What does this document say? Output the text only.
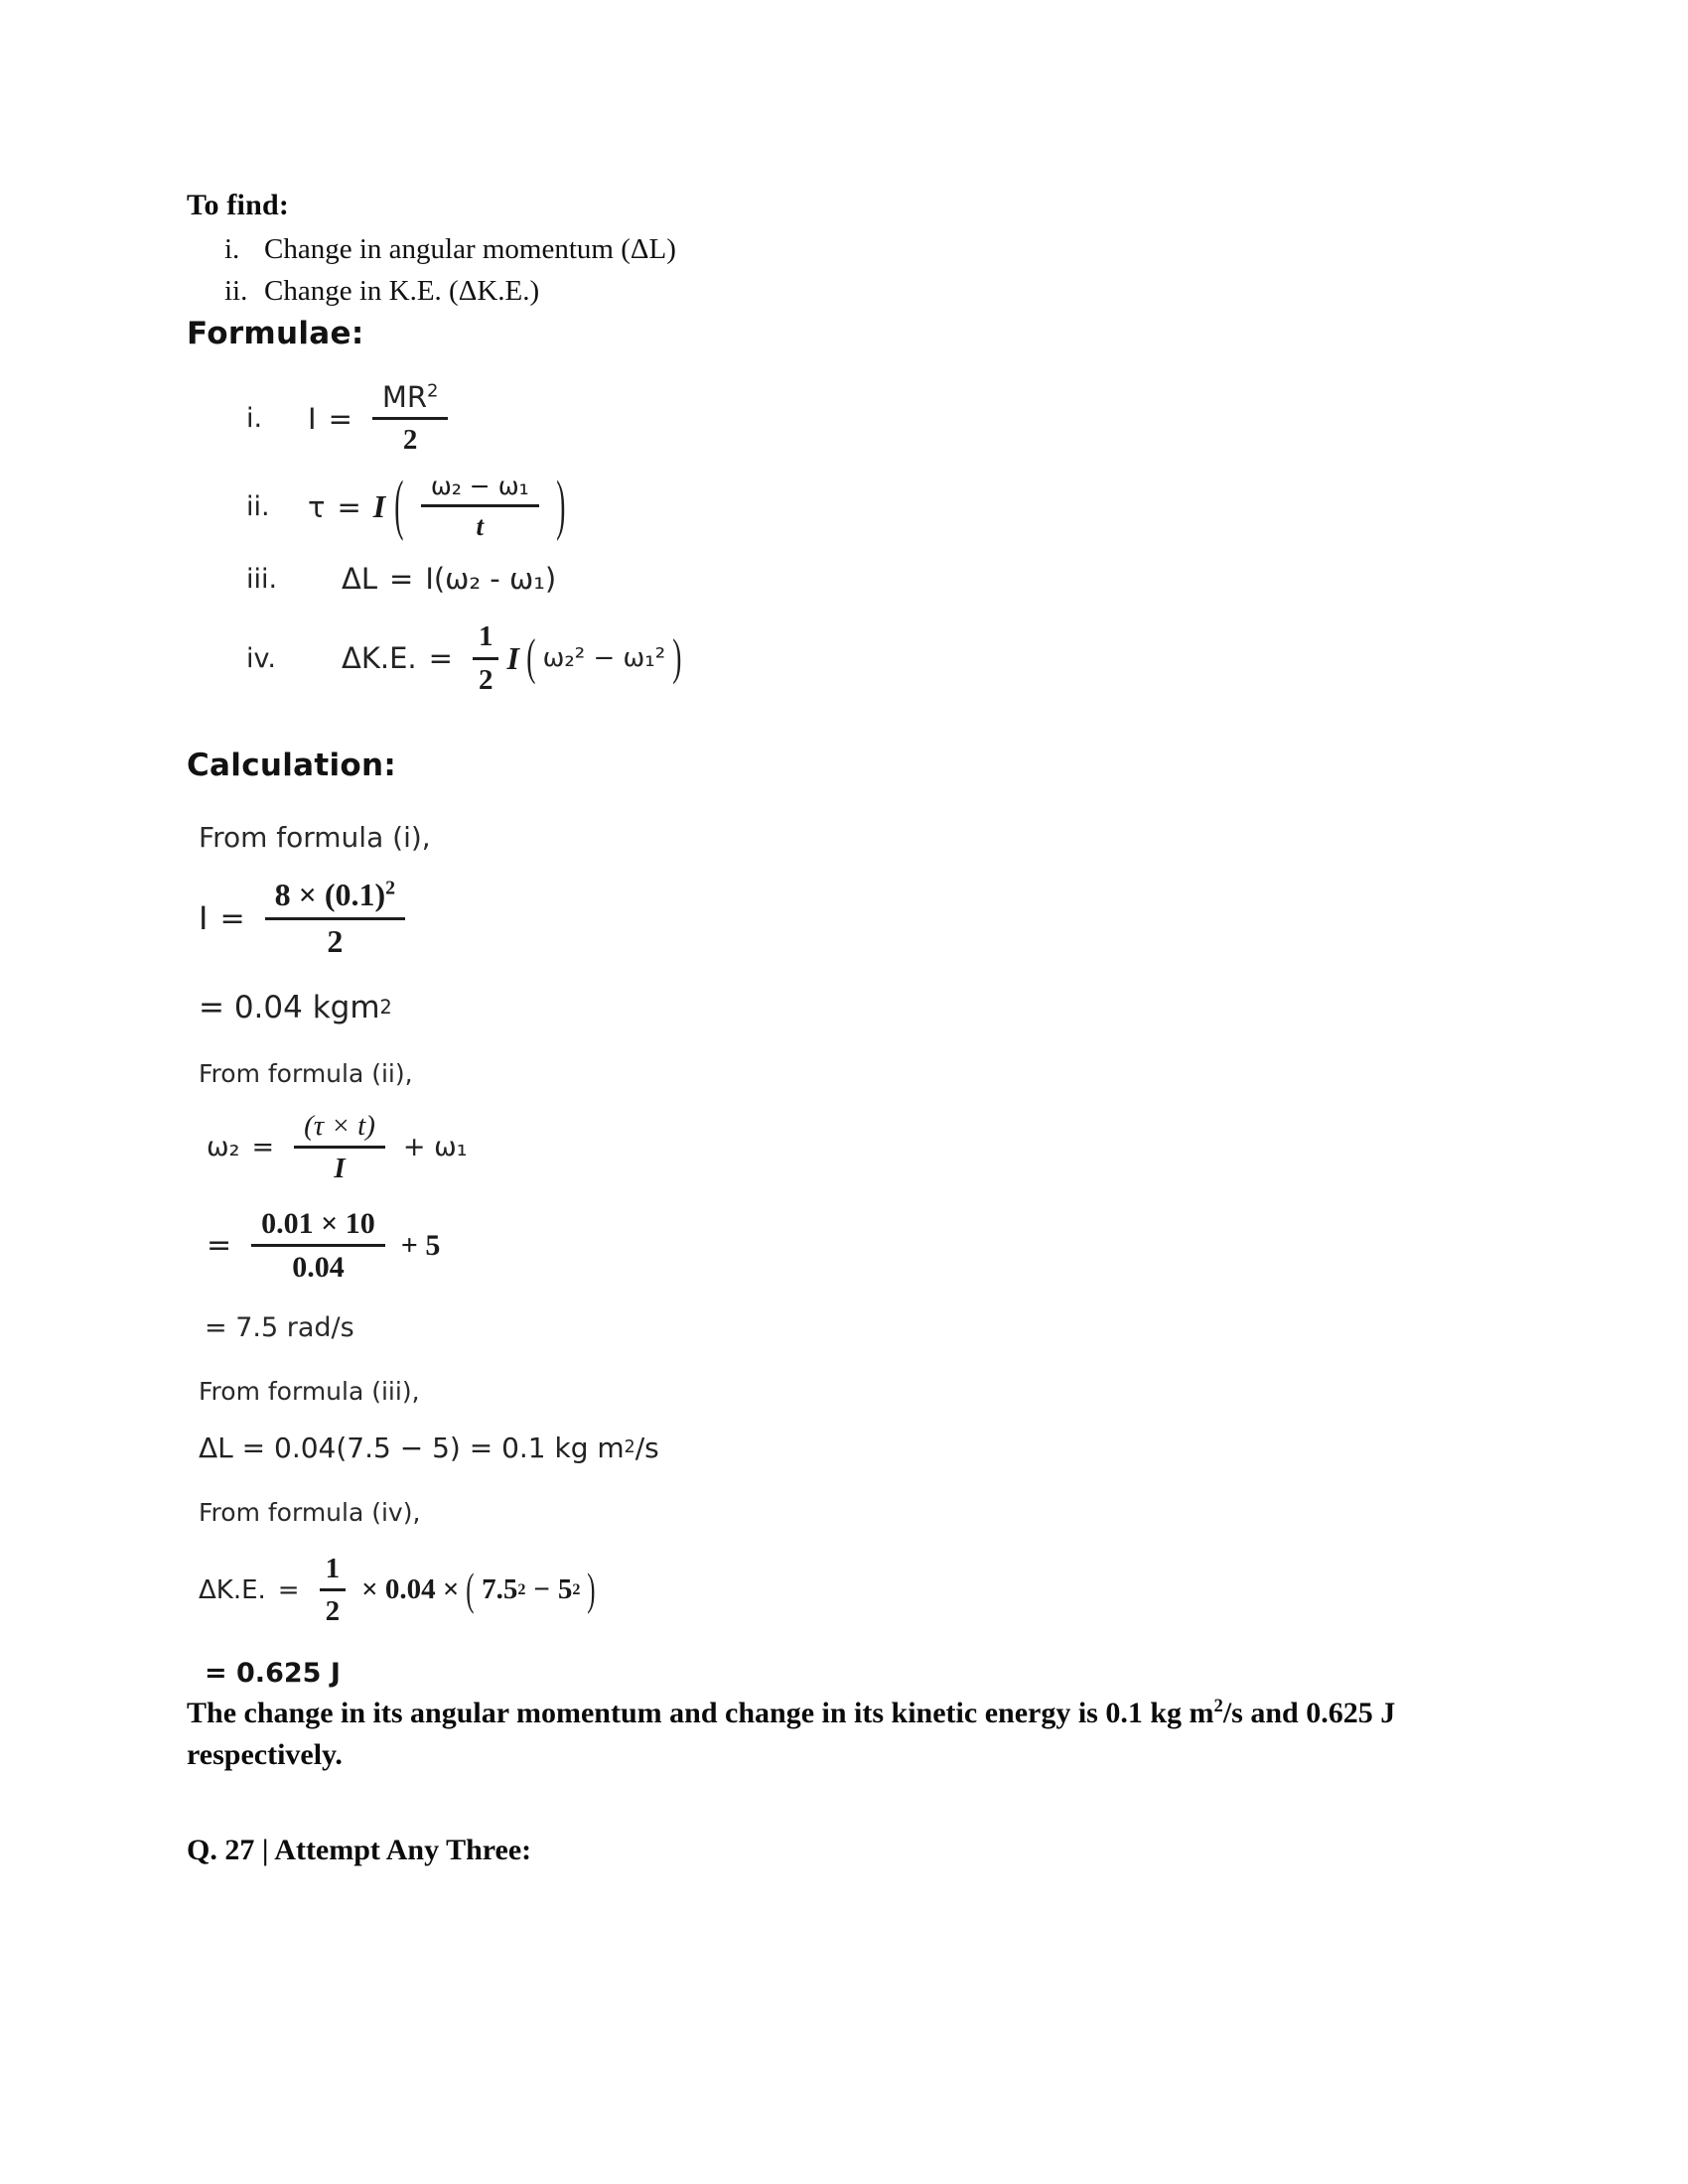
To find:
i. Change in angular momentum (ΔL)
ii. Change in K.E. (ΔK.E.)
Formulae:
i.	$I = \frac{MR^2}{2}$
ii.	τ = I ( $\frac{\text{ω₂ − ω₁}}{t}$ )
iii.	ΔL = I(ω₂ - ω₁)
iv.	ΔK.E. = $\frac{1}{2}$ I ( ω₂² − ω₁² )
Calculation:
From formula (i),
$I = \frac{8 \times (0.1)^2}{2}$
= 0.04 kgm 2
From formula (ii),
$\omega_2 = \frac{(\tau \times t)}{I} + \omega_1$
= $\frac{0.01 \times 10}{0.04} + 5$
= 7.5 rad/s
From formula (iii),
ΔL = 0.04(7.5 − 5) = 0.1 kg m 2 /s
From formula (iv),
ΔK.E. = $\frac{1}{2} \times 0.04$ × ( 7.5 2 − 5 2 )
= 0.625 J
The change in its angular momentum and change in its kinetic energy is 0.1 kg $m^2/s$ and 0.625 J respectively.
Q. 27 | Attempt Any Three:
